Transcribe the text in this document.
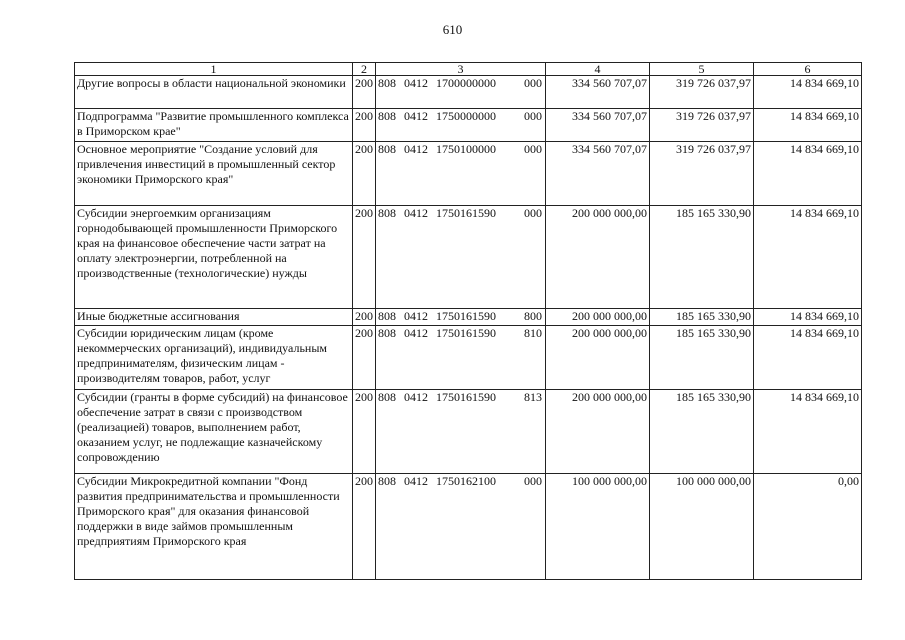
610
1	2	3	4	5	6
Другие вопросы в области национальной экономики	200	808 0412 1700000000 000	334 560 707,07	319 726 037,97	14 834 669,10
Подпрограмма "Развитие промышленного комплекса в Приморском крае"	200	808 0412 1750000000 000	334 560 707,07	319 726 037,97	14 834 669,10
Основное мероприятие "Создание условий для привлечения инвестиций в промышленный сектор экономики Приморского края"	200	808 0412 1750100000 000	334 560 707,07	319 726 037,97	14 834 669,10
Субсидии энергоемким организациям горнодобывающей промышленности Приморского края на финансовое обеспечение части затрат на оплату электроэнергии, потребленной на производственные (технологические) нужды	200	808 0412 1750161590 000	200 000 000,00	185 165 330,90	14 834 669,10
Иные бюджетные ассигнования	200	808 0412 1750161590 800	200 000 000,00	185 165 330,90	14 834 669,10
Субсидии юридическим лицам (кроме некоммерческих организаций), индивидуальным предпринимателям, физическим лицам - производителям товаров, работ, услуг	200	808 0412 1750161590 810	200 000 000,00	185 165 330,90	14 834 669,10
Субсидии (гранты в форме субсидий) на финансовое обеспечение затрат в связи с производством (реализацией) товаров, выполнением работ, оказанием услуг, не подлежащие казначейскому сопровождению	200	808 0412 1750161590 813	200 000 000,00	185 165 330,90	14 834 669,10
Субсидии Микрокредитной компании "Фонд развития предпринимательства и промышленности Приморского края" для оказания финансовой поддержки в виде займов промышленным предприятиям Приморского края	200	808 0412 1750162100 000	100 000 000,00	100 000 000,00	0,00
